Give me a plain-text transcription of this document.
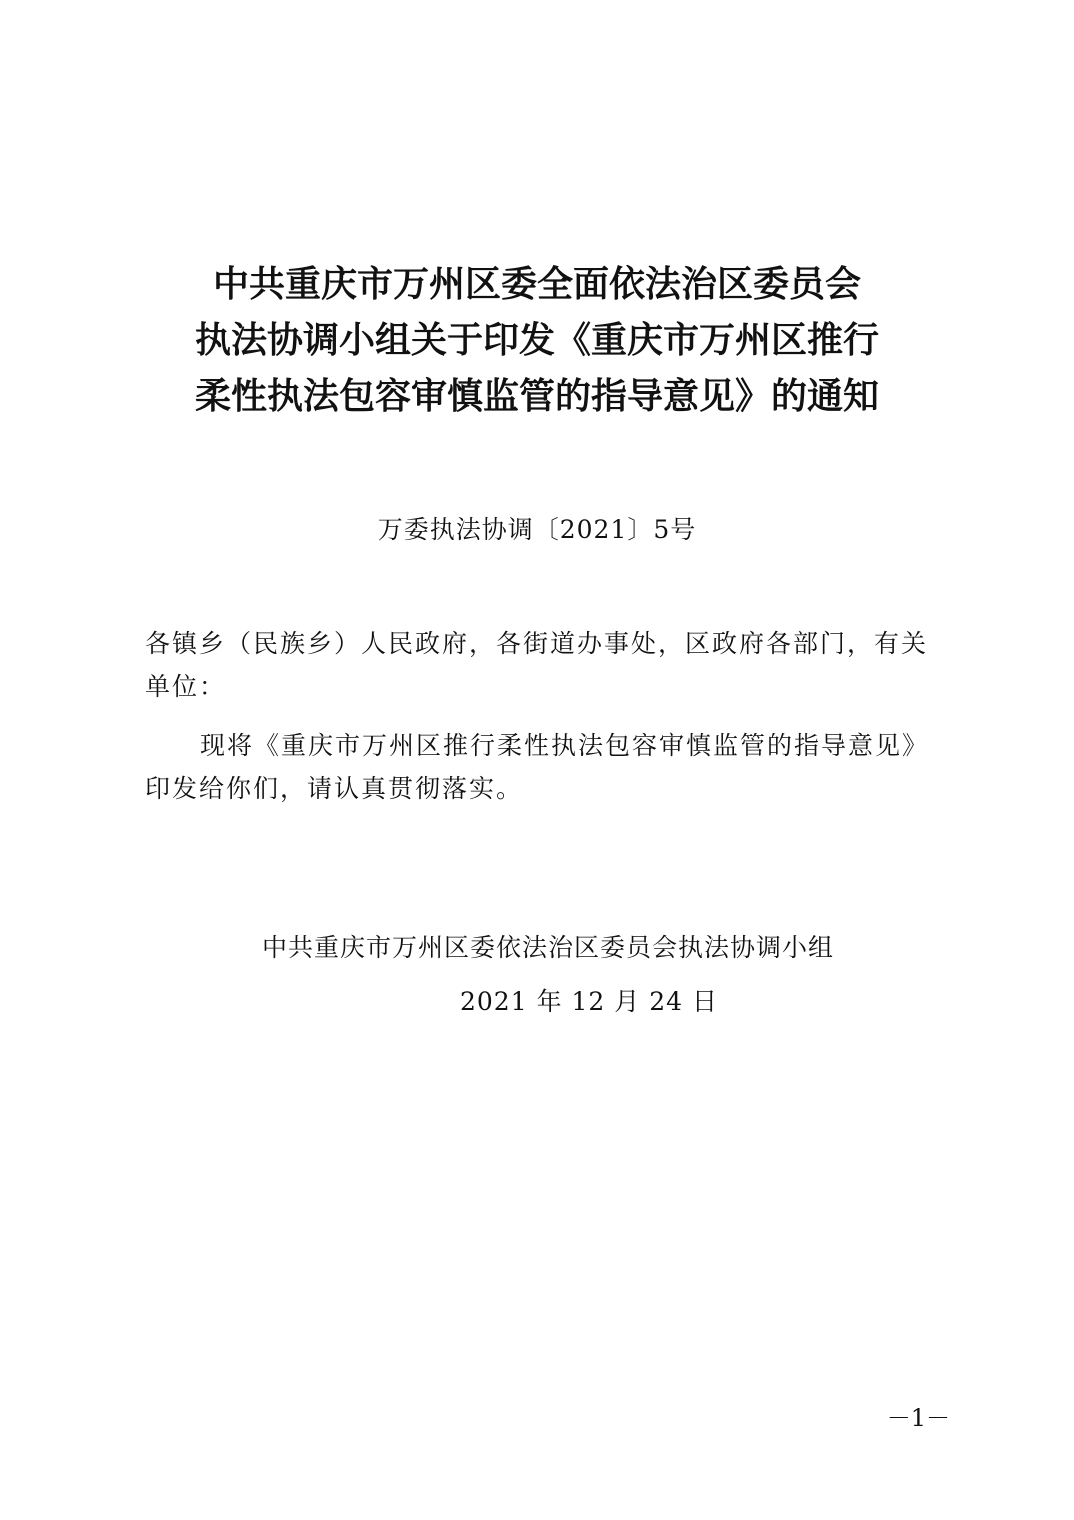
中共重庆市万州区委全面依法治区委员会
执法协调小组关于印发《重庆市万州区推行
柔性执法包容审慎监管的指导意见》的通知
万委执法协调〔2021〕5号
各镇乡（民族乡）人民政府，各街道办事处，区政府各部门，有关单位：
现将《重庆市万州区推行柔性执法包容审慎监管的指导意见》印发给你们，请认真贯彻落实。
中共重庆市万州区委依法治区委员会执法协调小组
2021 年 12 月 24 日
－1－
